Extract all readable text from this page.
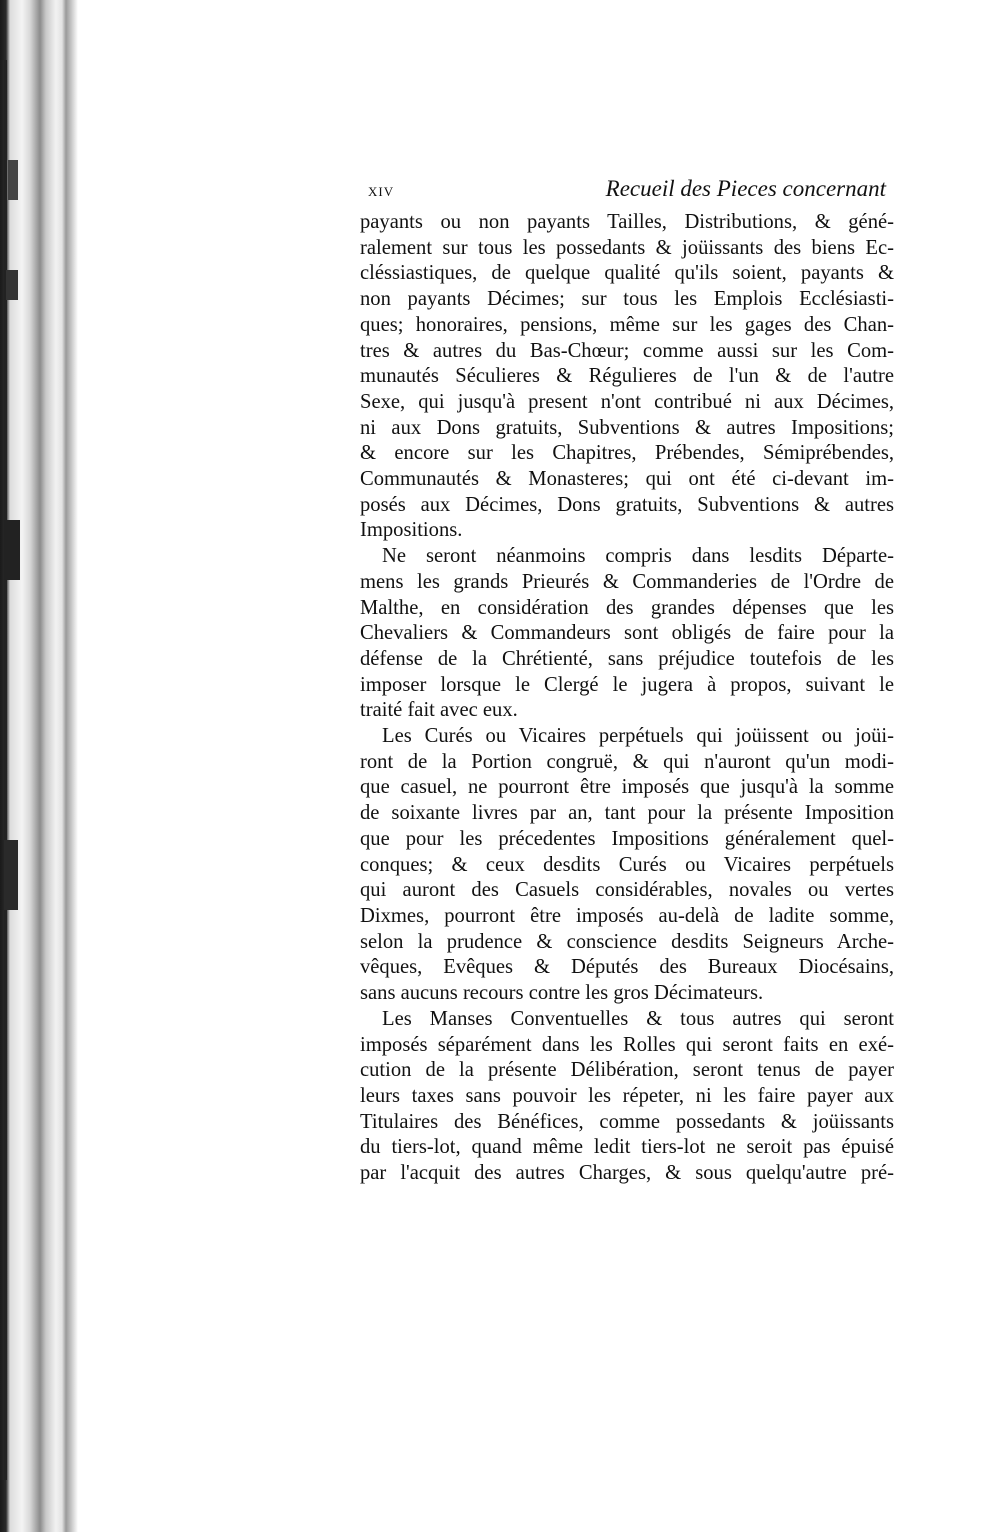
xiv	Recueil des Pieces concernant
payants ou non payants Tailles, Distributions, & géné-
ralement sur tous les possedants & joüissants des biens Ec-
cléssiastiques, de quelque qualité qu'ils soient, payants &
non payants Décimes; sur tous les Emplois Ecclésiasti-
ques; honoraires, pensions, même sur les gages des Chan-
tres & autres du Bas-Chœur; comme aussi sur les Com-
munautés Séculieres & Régulieres de l'un & de l'autre
Sexe, qui jusqu'à present n'ont contribué ni aux Décimes,
ni aux Dons gratuits, Subventions & autres Impositions;
& encore sur les Chapitres, Prébendes, Sémiprébendes,
Communautés & Monasteres; qui ont été ci-devant im-
posés aux Décimes, Dons gratuits, Subventions & autres
Impositions.
Ne seront néanmoins compris dans lesdits Départe-
mens les grands Prieurés & Commanderies de l'Ordre de
Malthe, en considération des grandes dépenses que les
Chevaliers & Commandeurs sont obligés de faire pour la
défense de la Chrétienté, sans préjudice toutefois de les
imposer lorsque le Clergé le jugera à propos, suivant le
traité fait avec eux.
Les Curés ou Vicaires perpétuels qui joüissent ou joüi-
ront de la Portion congruë, & qui n'auront qu'un modi-
que casuel, ne pourront être imposés que jusqu'à la somme
de soixante livres par an, tant pour la présente Imposition
que pour les précedentes Impositions généralement quel-
conques; & ceux desdits Curés ou Vicaires perpétuels
qui auront des Casuels considérables, novales ou vertes
Dixmes, pourront être imposés au-delà de ladite somme,
selon la prudence & conscience desdits Seigneurs Arche-
vêques, Evêques & Députés des Bureaux Diocésains,
sans aucuns recours contre les gros Décimateurs.
Les Manses Conventuelles & tous autres qui seront
imposés séparément dans les Rolles qui seront faits en exé-
cution de la présente Délibération, seront tenus de payer
leurs taxes sans pouvoir les répeter, ni les faire payer aux
Titulaires des Bénéfices, comme possedants & joüissants
du tiers-lot, quand même ledit tiers-lot ne seroit pas épuisé
par l'acquit des autres Charges, & sous quelqu'autre pré-
